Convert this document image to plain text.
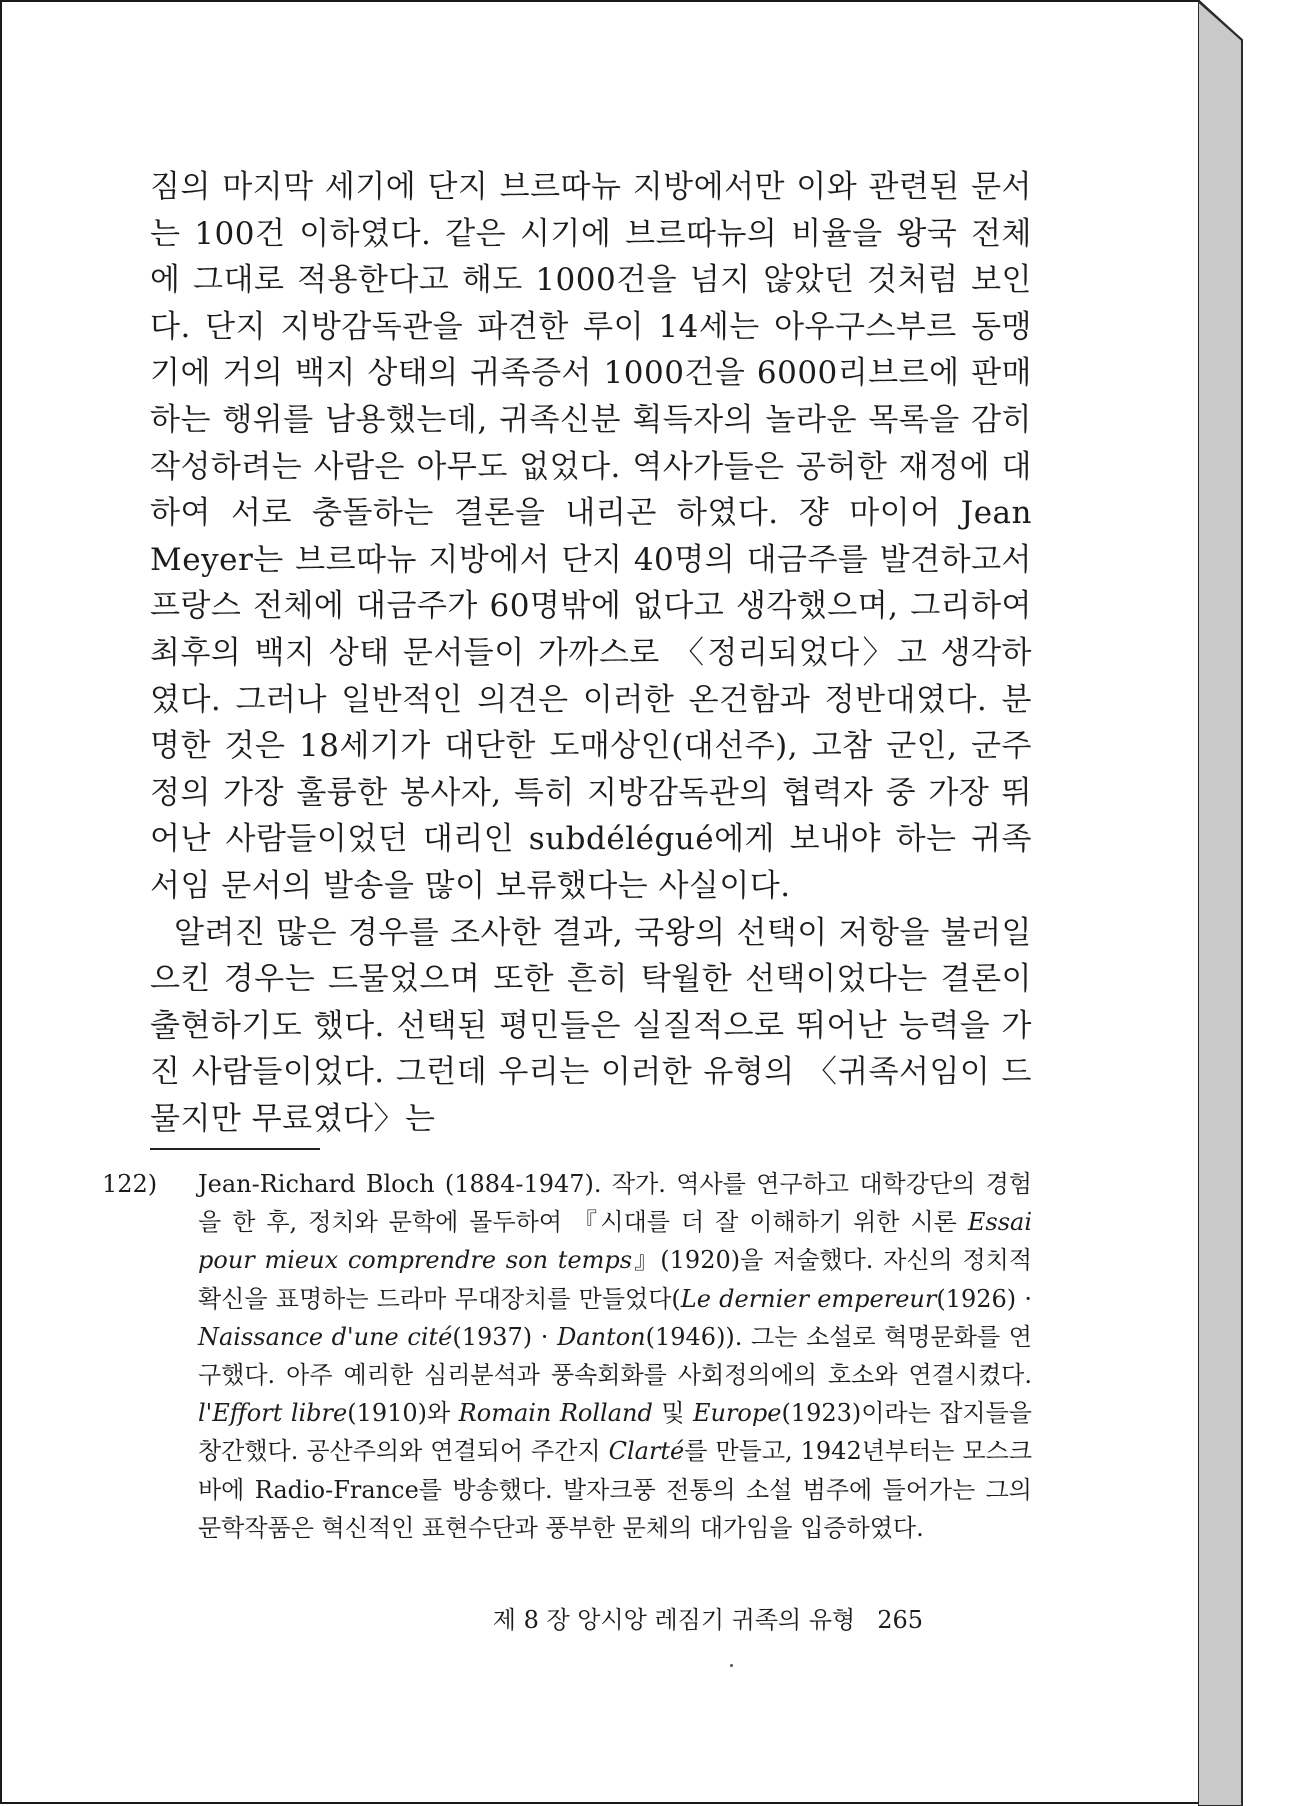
짐의 마지막 세기에 단지 브르따뉴 지방에서만 이와 관련된 문서는 100건 이하였다. 같은 시기에 브르따뉴의 비율을 왕국 전체에 그대로 적용한다고 해도 1000건을 넘지 않았던 것처럼 보인다. 단지 지방감독관을 파견한 루이 14세는 아우구스부르 동맹기에 거의 백지 상태의 귀족증서 1000건을 6000리브르에 판매하는 행위를 남용했는데, 귀족신분 획득자의 놀라운 목록을 감히 작성하려는 사람은 아무도 없었다. 역사가들은 공허한 재정에 대하여 서로 충돌하는 결론을 내리곤 하였다. 쟝 마이어 Jean Meyer는 브르따뉴 지방에서 단지 40명의 대금주를 발견하고서 프랑스 전체에 대금주가 60명밖에 없다고 생각했으며, 그리하여 최후의 백지 상태 문서들이 가까스로 〈정리되었다〉고 생각하였다. 그러나 일반적인 의견은 이러한 온건함과 정반대였다. 분명한 것은 18세기가 대단한 도매상인(대선주), 고참 군인, 군주정의 가장 훌륭한 봉사자, 특히 지방감독관의 협력자 중 가장 뛰어난 사람들이었던 대리인 subdélégué에게 보내야 하는 귀족서임 문서의 발송을 많이 보류했다는 사실이다.

알려진 많은 경우를 조사한 결과, 국왕의 선택이 저항을 불러일으킨 경우는 드물었으며 또한 흔히 탁월한 선택이었다는 결론이 출현하기도 했다. 선택된 평민들은 실질적으로 뛰어난 능력을 가진 사람들이었다. 그런데 우리는 이러한 유형의 〈귀족서임이 드물지만 무료였다〉는

122) Jean-Richard Bloch (1884-1947). 작가. 역사를 연구하고 대학강단의 경험을 한 후, 정치와 문학에 몰두하여 『시대를 더 잘 이해하기 위한 시론 Essai pour mieux comprendre son temps』(1920)을 저술했다. 자신의 정치적 확신을 표명하는 드라마 무대장치를 만들었다(Le dernier empereur(1926) · Naissance d'une cité(1937) · Danton(1946)). 그는 소설로 혁명문화를 연구했다. 아주 예리한 심리분석과 풍속회화를 사회정의에의 호소와 연결시켰다. l'Effort libre(1910)와 Romain Rolland 및 Europe(1923)이라는 잡지들을 창간했다. 공산주의와 연결되어 주간지 Clarté를 만들고, 1942년부터는 모스크바에 Radio-France를 방송했다. 발자크풍 전통의 소설 범주에 들어가는 그의 문학작품은 혁신적인 표현수단과 풍부한 문체의 대가임을 입증하였다.

제 8 장 앙시앙 레짐기 귀족의 유형 265
